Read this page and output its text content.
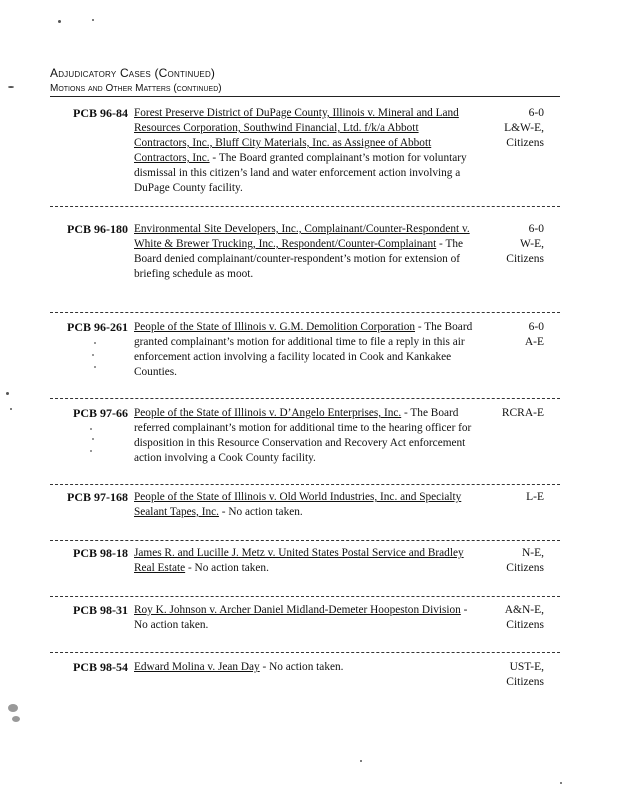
Adjudicatory Cases (Continued)
Motions and Other Matters (continued)
PCB 96-84 Forest Preserve District of DuPage County, Illinois v. Mineral and Land Resources Corporation, Southwind Financial, Ltd. f/k/a Abbott Contractors, Inc., Bluff City Materials, Inc. as Assignee of Abbott Contractors, Inc. - The Board granted complainant’s motion for voluntary dismissal in this citizen’s land and water enforcement action involving a DuPage County facility.
6-0
L&W-E,
Citizens
PCB 96-180 Environmental Site Developers, Inc., Complainant/Counter-Respondent v. White & Brewer Trucking, Inc., Respondent/Counter-Complainant - The Board denied complainant/counter-respondent’s motion for extension of briefing schedule as moot.
6-0
W-E,
Citizens
PCB 96-261 People of the State of Illinois v. G.M. Demolition Corporation - The Board granted complainant’s motion for additional time to file a reply in this air enforcement action involving a facility located in Cook and Kankakee Counties.
6-0
A-E
PCB 97-66 People of the State of Illinois v. D’Angelo Enterprises, Inc. - The Board referred complainant’s motion for additional time to the hearing officer for disposition in this Resource Conservation and Recovery Act enforcement action involving a Cook County facility.
RCRA-E
PCB 97-168 People of the State of Illinois v. Old World Industries, Inc. and Specialty Sealant Tapes, Inc. - No action taken.
L-E
PCB 98-18 James R. and Lucille J. Metz v. United States Postal Service and Bradley Real Estate - No action taken.
N-E,
Citizens
PCB 98-31 Roy K. Johnson v. Archer Daniel Midland-Demeter Hoopeston Division - No action taken.
A&N-E,
Citizens
PCB 98-54 Edward Molina v. Jean Day - No action taken.	UST-E,
Citizens
